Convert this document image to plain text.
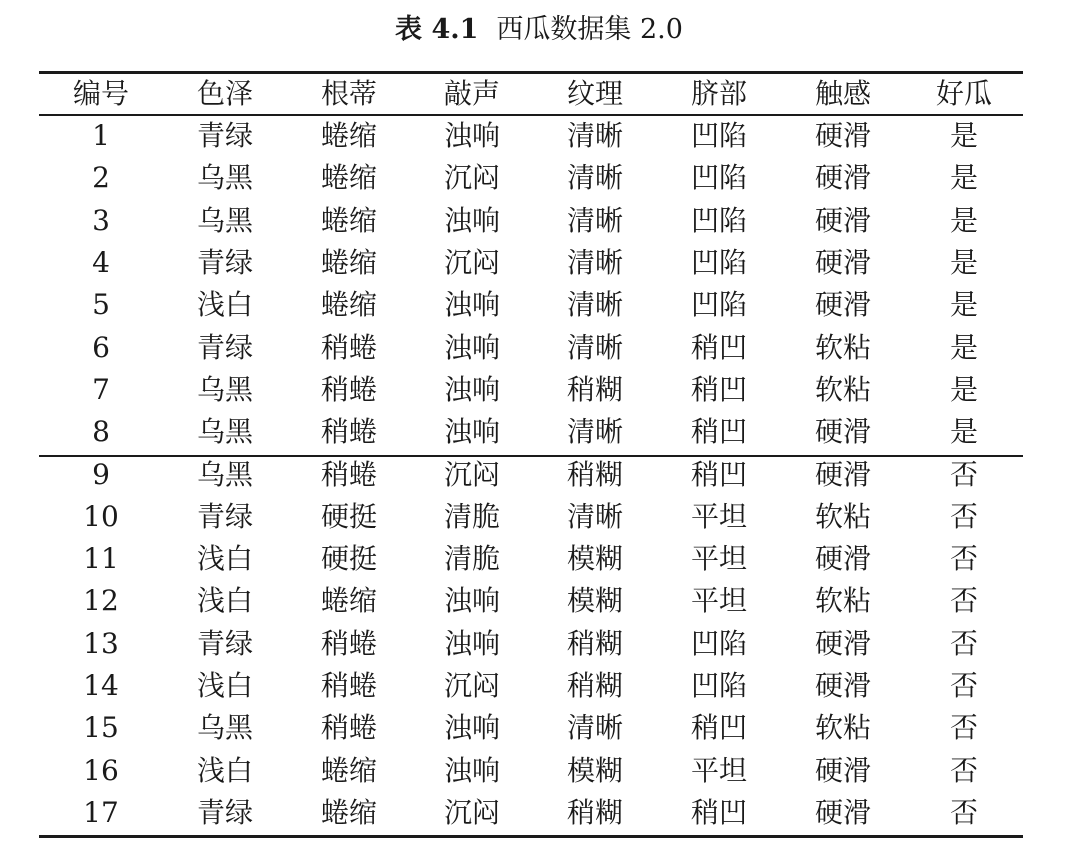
表 4.1 西瓜数据集 2.0
编号	色泽	根蒂	敲声	纹理	脐部	触感	好瓜
1	青绿	蜷缩	浊响	清晰	凹陷	硬滑	是
2	乌黑	蜷缩	沉闷	清晰	凹陷	硬滑	是
3	乌黑	蜷缩	浊响	清晰	凹陷	硬滑	是
4	青绿	蜷缩	沉闷	清晰	凹陷	硬滑	是
5	浅白	蜷缩	浊响	清晰	凹陷	硬滑	是
6	青绿	稍蜷	浊响	清晰	稍凹	软粘	是
7	乌黑	稍蜷	浊响	稍糊	稍凹	软粘	是
8	乌黑	稍蜷	浊响	清晰	稍凹	硬滑	是
9	乌黑	稍蜷	沉闷	稍糊	稍凹	硬滑	否
10	青绿	硬挺	清脆	清晰	平坦	软粘	否
11	浅白	硬挺	清脆	模糊	平坦	硬滑	否
12	浅白	蜷缩	浊响	模糊	平坦	软粘	否
13	青绿	稍蜷	浊响	稍糊	凹陷	硬滑	否
14	浅白	稍蜷	沉闷	稍糊	凹陷	硬滑	否
15	乌黑	稍蜷	浊响	清晰	稍凹	软粘	否
16	浅白	蜷缩	浊响	模糊	平坦	硬滑	否
17	青绿	蜷缩	沉闷	稍糊	稍凹	硬滑	否
